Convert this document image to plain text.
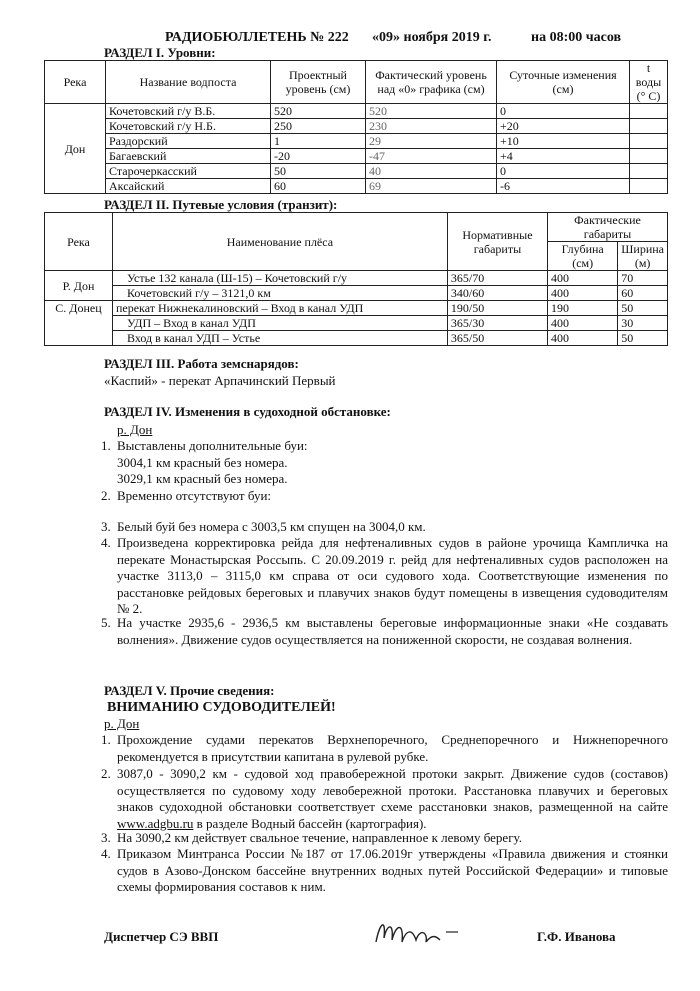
РАДИОБЮЛЛЕТЕНЬ № 222 «09» ноября 2019 г.	на 08:00 часов
РАЗДЕЛ I. Уровни:
Река	Название водпоста	Проектный уровень (см)	Фактический уровень над «0» графика (см)	Суточные изменения (см)	t воды (° C)
Дон	Кочетовский г/у В.Б.	520	520	0	
	Кочетовский г/у Н.Б.	250	230	+20	
	Раздорский	1	29	+10	
	Багаевский	-20	-47	+4	
	Старочеркасский	50	40	0	
	Аксайский	60	69	-6	
РАЗДЕЛ II. Путевые условия (транзит):
Река	Наименование плёса	Нормативные габариты	Фактические габариты	
			Глубина (см)	Ширина (м)
Р. Дон	Устье 132 канала (Ш-15) – Кочетовский г/у	365/70	400	70
	Кочетовский г/у – 3121,0 км	340/60	400	60
С. Донец	перекат Нижнекалиновский – Вход в канал УДП	190/50	190	50
	УДП – Вход в канал УДП	365/30	400	30
	Вход в канал УДП – Устье	365/50	400	50
РАЗДЕЛ III. Работа земснарядов:
«Каспий» - перекат Арпачинский Первый
РАЗДЕЛ IV. Изменения в судоходной обстановке:
р. Дон
1. Выставлены дополнительные буи:
3004,1 км красный без номера.
3029,1 км красный без номера.
2. Временно отсутствуют буи:
3. Белый буй без номера с 3003,5 км спущен на 3004,0 км.
4. Произведена корректировка рейда для нефтеналивных судов в районе урочища Кампличка на перекате Монастырская Россыпь. С 20.09.2019 г. рейд для нефтеналивных судов расположен на участке 3113,0 – 3115,0 км справа от оси судового хода. Соответствующие изменения по расстановке рейдовых береговых и плавучих знаков будут помещены в извещения судоводителям № 2.
5. На участке 2935,6 - 2936,5 км выставлены береговые информационные знаки «Не создавать волнения». Движение судов осуществляется на пониженной скорости, не создавая волнения.
РАЗДЕЛ V. Прочие сведения:
ВНИМАНИЮ СУДОВОДИТЕЛЕЙ!
р. Дон
1. Прохождение судами перекатов Верхнепоречного, Среднепоречного и Нижнепоречного рекомендуется в присутствии капитана в рулевой рубке.
2. 3087,0 - 3090,2 км - судовой ход правобережной протоки закрыт. Движение судов (составов) осуществляется по судовому ходу левобережной протоки. Расстановка плавучих и береговых знаков судоходной обстановки соответствует схеме расстановки знаков, размещенной на сайте www.adgbu.ru в разделе Водный бассейн (картография).
3. На 3090,2 км действует свальное течение, направленное к левому берегу.
4. Приказом Минтранса России №187 от 17.06.2019г утверждены «Правила движения и стоянки судов в Азово-Донском бассейне внутренних водных путей Российской Федерации» и типовые схемы формирования составов к ним.
Диспетчер СЭ ВВП	Г.Ф. Иванова
